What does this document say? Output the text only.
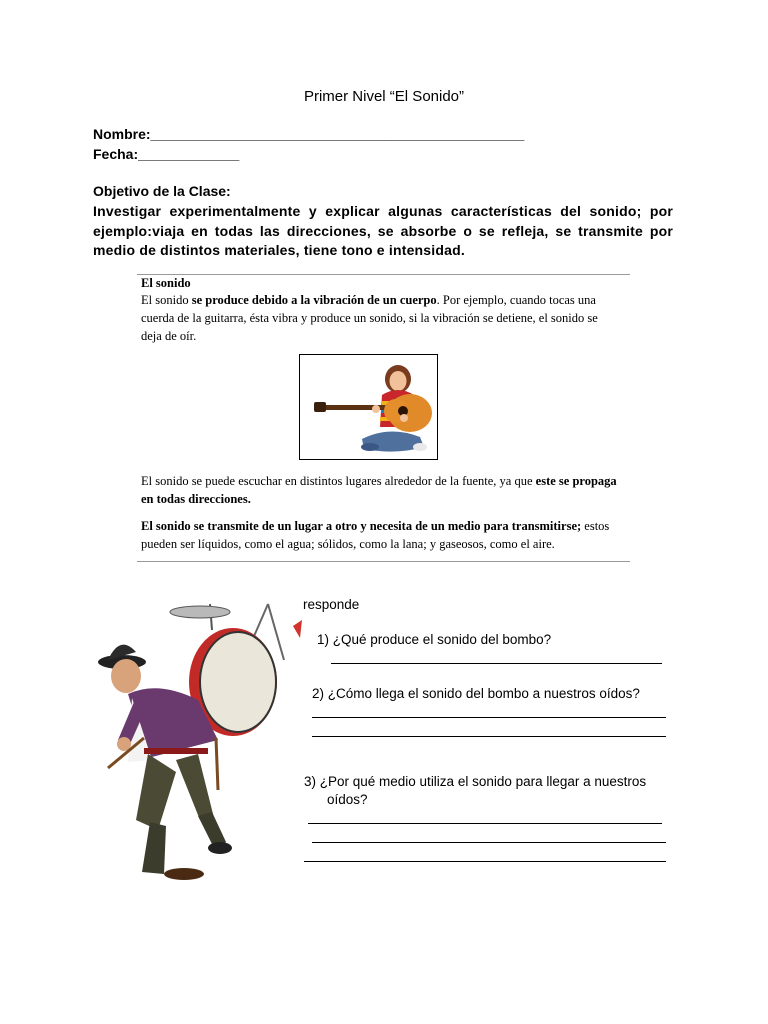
Primer Nivel “El Sonido”
Nombre:________________________________________________
Fecha:_____________
Objetivo de la Clase:
Investigar experimentalmente y explicar algunas características del sonido; por ejemplo:viaja en todas las direcciones, se absorbe o se refleja, se transmite por medio de distintos materiales, tiene tono e intensidad.
El sonido
El sonido se produce debido a la vibración de un cuerpo. Por ejemplo, cuando tocas una cuerda de la guitarra, ésta vibra y produce un sonido, si la vibración se detiene, el sonido se deja de oír.
El sonido se puede escuchar en distintos lugares alrededor de la fuente, ya que este se propaga en todas direcciones.
El sonido se transmite de un lugar a otro y necesita de un medio para transmitirse; estos pueden ser líquidos, como el agua; sólidos, como la lana; y gaseosos, como el aire.
responde
1) ¿Qué produce el sonido del bombo?
2) ¿Cómo llega el sonido del bombo a nuestros oídos?
3) ¿Por qué medio utiliza el sonido para llegar a nuestros
oídos?
